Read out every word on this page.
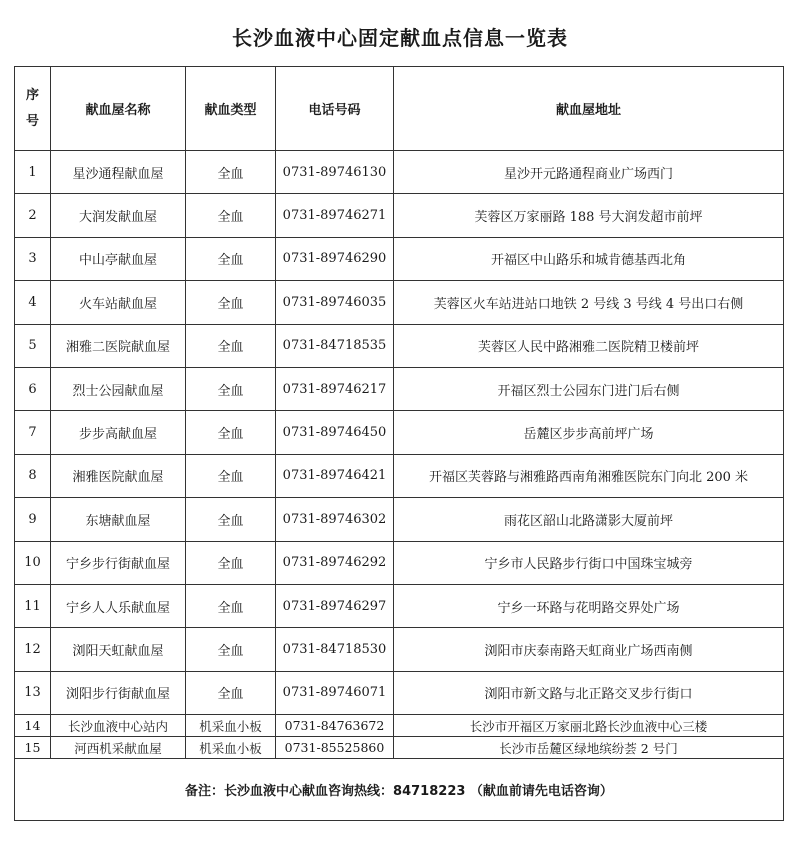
长沙血液中心固定献血点信息一览表
序
号	献血屋名称	献血类型	电话号码	献血屋地址
1	星沙通程献血屋	全血	0731-89746130	星沙开元路通程商业广场西门
2	大润发献血屋	全血	0731-89746271	芙蓉区万家丽路 188 号大润发超市前坪
3	中山亭献血屋	全血	0731-89746290	开福区中山路乐和城肯德基西北角
4	火车站献血屋	全血	0731-89746035	芙蓉区火车站进站口地铁 2 号线 3 号线 4 号出口右侧
5	湘雅二医院献血屋	全血	0731-84718535	芙蓉区人民中路湘雅二医院精卫楼前坪
6	烈士公园献血屋	全血	0731-89746217	开福区烈士公园东门进门后右侧
7	步步高献血屋	全血	0731-89746450	岳麓区步步高前坪广场
8	湘雅医院献血屋	全血	0731-89746421	开福区芙蓉路与湘雅路西南角湘雅医院东门向北 200 米
9	东塘献血屋	全血	0731-89746302	雨花区韶山北路潇影大厦前坪
10	宁乡步行街献血屋	全血	0731-89746292	宁乡市人民路步行街口中国珠宝城旁
11	宁乡人人乐献血屋	全血	0731-89746297	宁乡一环路与花明路交界处广场
12	浏阳天虹献血屋	全血	0731-84718530	浏阳市庆泰南路天虹商业广场西南侧
13	浏阳步行街献血屋	全血	0731-89746071	浏阳市新文路与北正路交叉步行街口
14	长沙血液中心站内	机采血小板	0731-84763672	长沙市开福区万家丽北路长沙血液中心三楼
15	河西机采献血屋	机采血小板	0731-85525860	长沙市岳麓区绿地缤纷荟 2 号门
备注：长沙血液中心献血咨询热线：84718223 （献血前请先电话咨询）				
